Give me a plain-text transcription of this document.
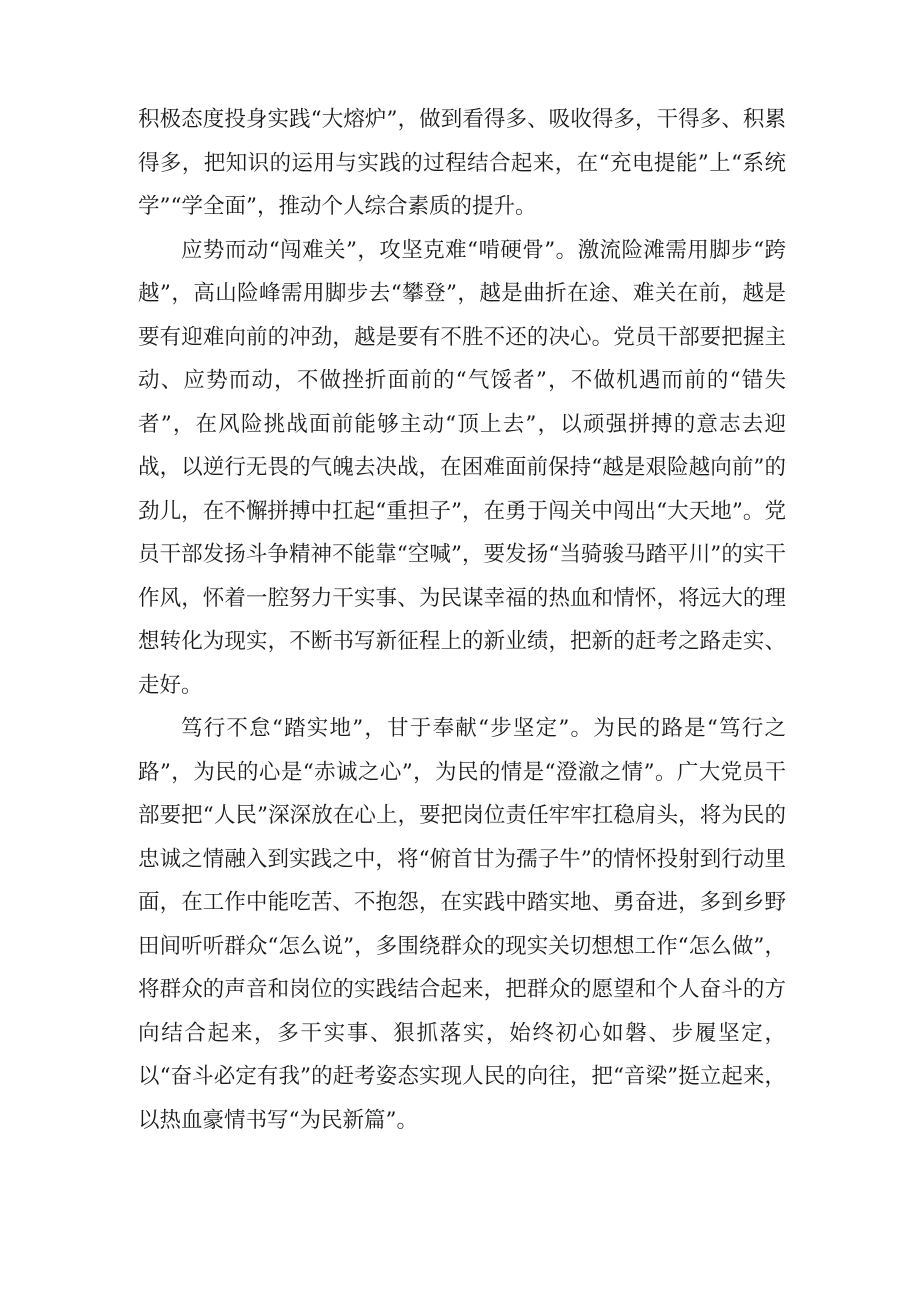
积极态度投身实践“大熔炉”，做到看得多、吸收得多，干得多、积累得多，把知识的运用与实践的过程结合起来，在“充电提能”上“系统学”“学全面”，推动个人综合素质的提升。

应势而动“闯难关”，攻坚克难“啃硬骨”。激流险滩需用脚步“跨越”，高山险峰需用脚步去“攀登”，越是曲折在途、难关在前，越是要有迎难向前的冲劲，越是要有不胜不还的决心。党员干部要把握主动、应势而动，不做挫折面前的“气馁者”，不做机遇而前的“错失者”，在风险挑战面前能够主动“顶上去”，以顽强拼搏的意志去迎战，以逆行无畏的气魄去决战，在困难面前保持“越是艰险越向前”的劲儿，在不懈拼搏中扛起“重担子”，在勇于闯关中闯出“大天地”。党员干部发扬斗争精神不能靠“空喊”，要发扬“当骑骏马踏平川”的实干作风，怀着一腔努力干实事、为民谋幸福的热血和情怀，将远大的理想转化为现实，不断书写新征程上的新业绩，把新的赶考之路走实、走好。

笃行不怠“踏实地”，甘于奉献“步坚定”。为民的路是“笃行之路”，为民的心是“赤诚之心”，为民的情是“澄澈之情”。广大党员干部要把“人民”深深放在心上，要把岗位责任牢牢扛稳肩头，将为民的忠诚之情融入到实践之中，将“俯首甘为孺子牛”的情怀投射到行动里面，在工作中能吃苦、不抱怨，在实践中踏实地、勇奋进，多到乡野田间听听群众“怎么说”，多围绕群众的现实关切想想工作“怎么做”，将群众的声音和岗位的实践结合起来，把群众的愿望和个人奋斗的方向结合起来，多干实事、狠抓落实，始终初心如磐、步履坚定，以“奋斗必定有我”的赶考姿态实现人民的向往，把“音梁”挺立起来，以热血豪情书写“为民新篇”。
